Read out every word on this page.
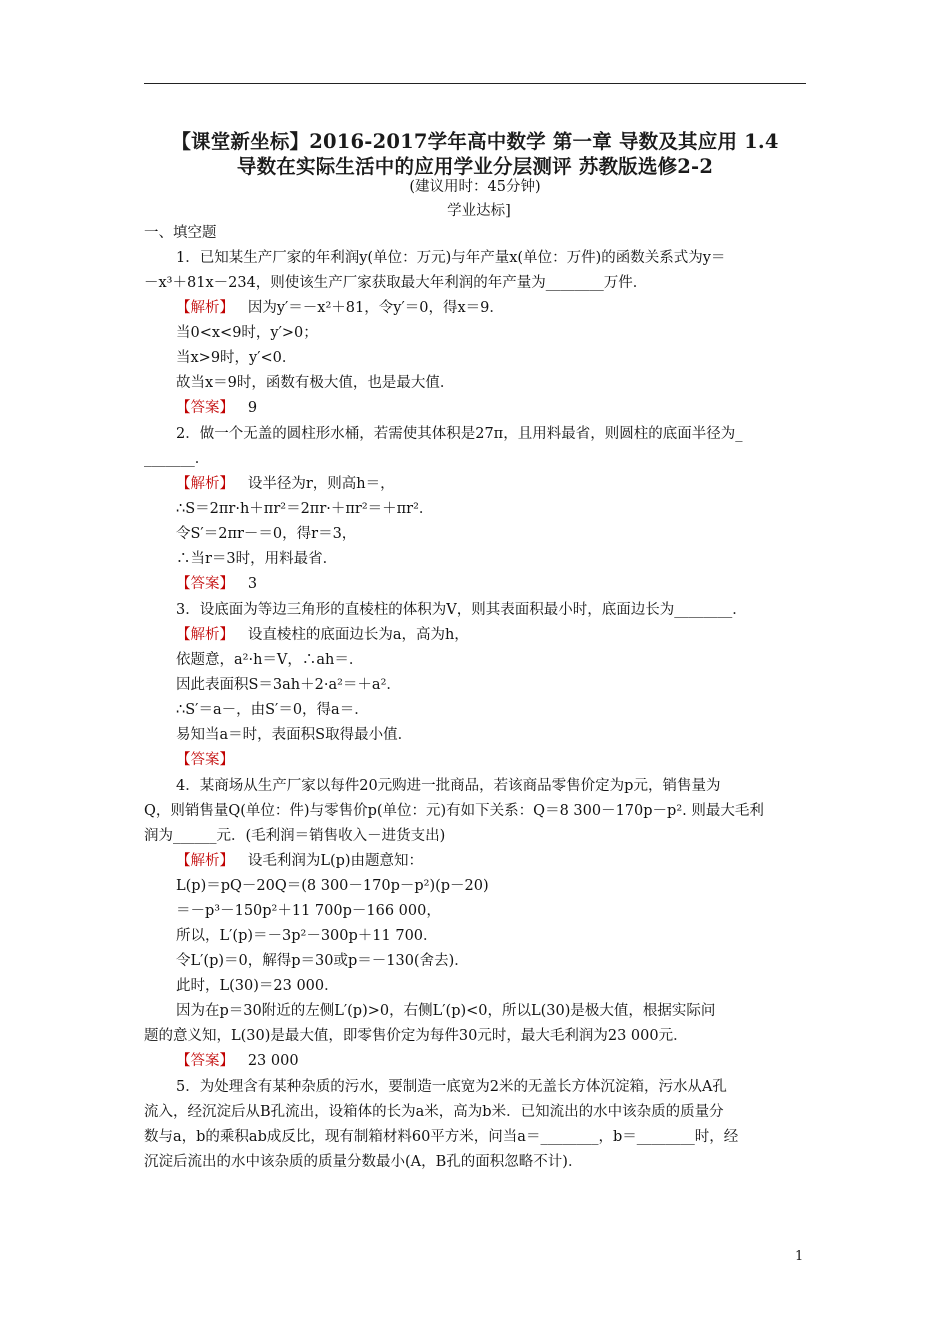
【课堂新坐标】2016-2017学年高中数学 第一章 导数及其应用 1.4
导数在实际生活中的应用学业分层测评 苏教版选修2-2
(建议用时：45分钟)
学业达标]
一、填空题
1．已知某生产厂家的年利润y(单位：万元)与年产量x(单位：万件)的函数关系式为y＝
－x³＋81x－234，则使该生产厂家获取最大年利润的年产量为________万件．
【解析】 因为y′＝－x²＋81，令y′＝0，得x＝9．
当0<x<9时，y′>0；
当x>9时，y′<0．
故当x＝9时，函数有极大值，也是最大值．
【答案】 9
2．做一个无盖的圆柱形水桶，若需使其体积是27π，且用料最省，则圆柱的底面半径为_
_______．
【解析】 设半径为r，则高h＝，
∴S＝2πr·h＋πr²＝2πr·＋πr²＝＋πr²．
令S′＝2πr－＝0，得r＝3，
∴当r＝3时，用料最省．
【答案】 3
3．设底面为等边三角形的直棱柱的体积为V，则其表面积最小时，底面边长为________．
【解析】 设直棱柱的底面边长为a，高为h，
依题意，a²·h＝V，∴ah＝．
因此表面积S＝3ah＋2·a²＝＋a²．
∴S′＝a－，由S′＝0，得a＝．
易知当a＝时，表面积S取得最小值．
【答案】
4．某商场从生产厂家以每件20元购进一批商品，若该商品零售价定为p元，销售量为
Q，则销售量Q(单位：件)与零售价p(单位：元)有如下关系：Q＝8 300－170p－p². 则最大毛利
润为______元．(毛利润＝销售收入－进货支出)
【解析】 设毛利润为L(p)由题意知：
L(p)＝pQ－20Q＝(8 300－170p－p²)(p－20)
＝－p³－150p²＋11 700p－166 000，
所以，L′(p)＝－3p²－300p＋11 700．
令L′(p)＝0，解得p＝30或p＝－130(舍去)．
此时，L(30)＝23 000．
因为在p＝30附近的左侧L′(p)>0，右侧L′(p)<0，所以L(30)是极大值，根据实际问
题的意义知，L(30)是最大值，即零售价定为每件30元时，最大毛利润为23 000元．
【答案】 23 000
5．为处理含有某种杂质的污水，要制造一底宽为2米的无盖长方体沉淀箱，污水从A孔
流入，经沉淀后从B孔流出，设箱体的长为a米，高为b米．已知流出的水中该杂质的质量分
数与a，b的乘积ab成反比，现有制箱材料60平方米，问当a＝________，b＝________时，经
沉淀后流出的水中该杂质的质量分数最小(A，B孔的面积忽略不计)．
1
